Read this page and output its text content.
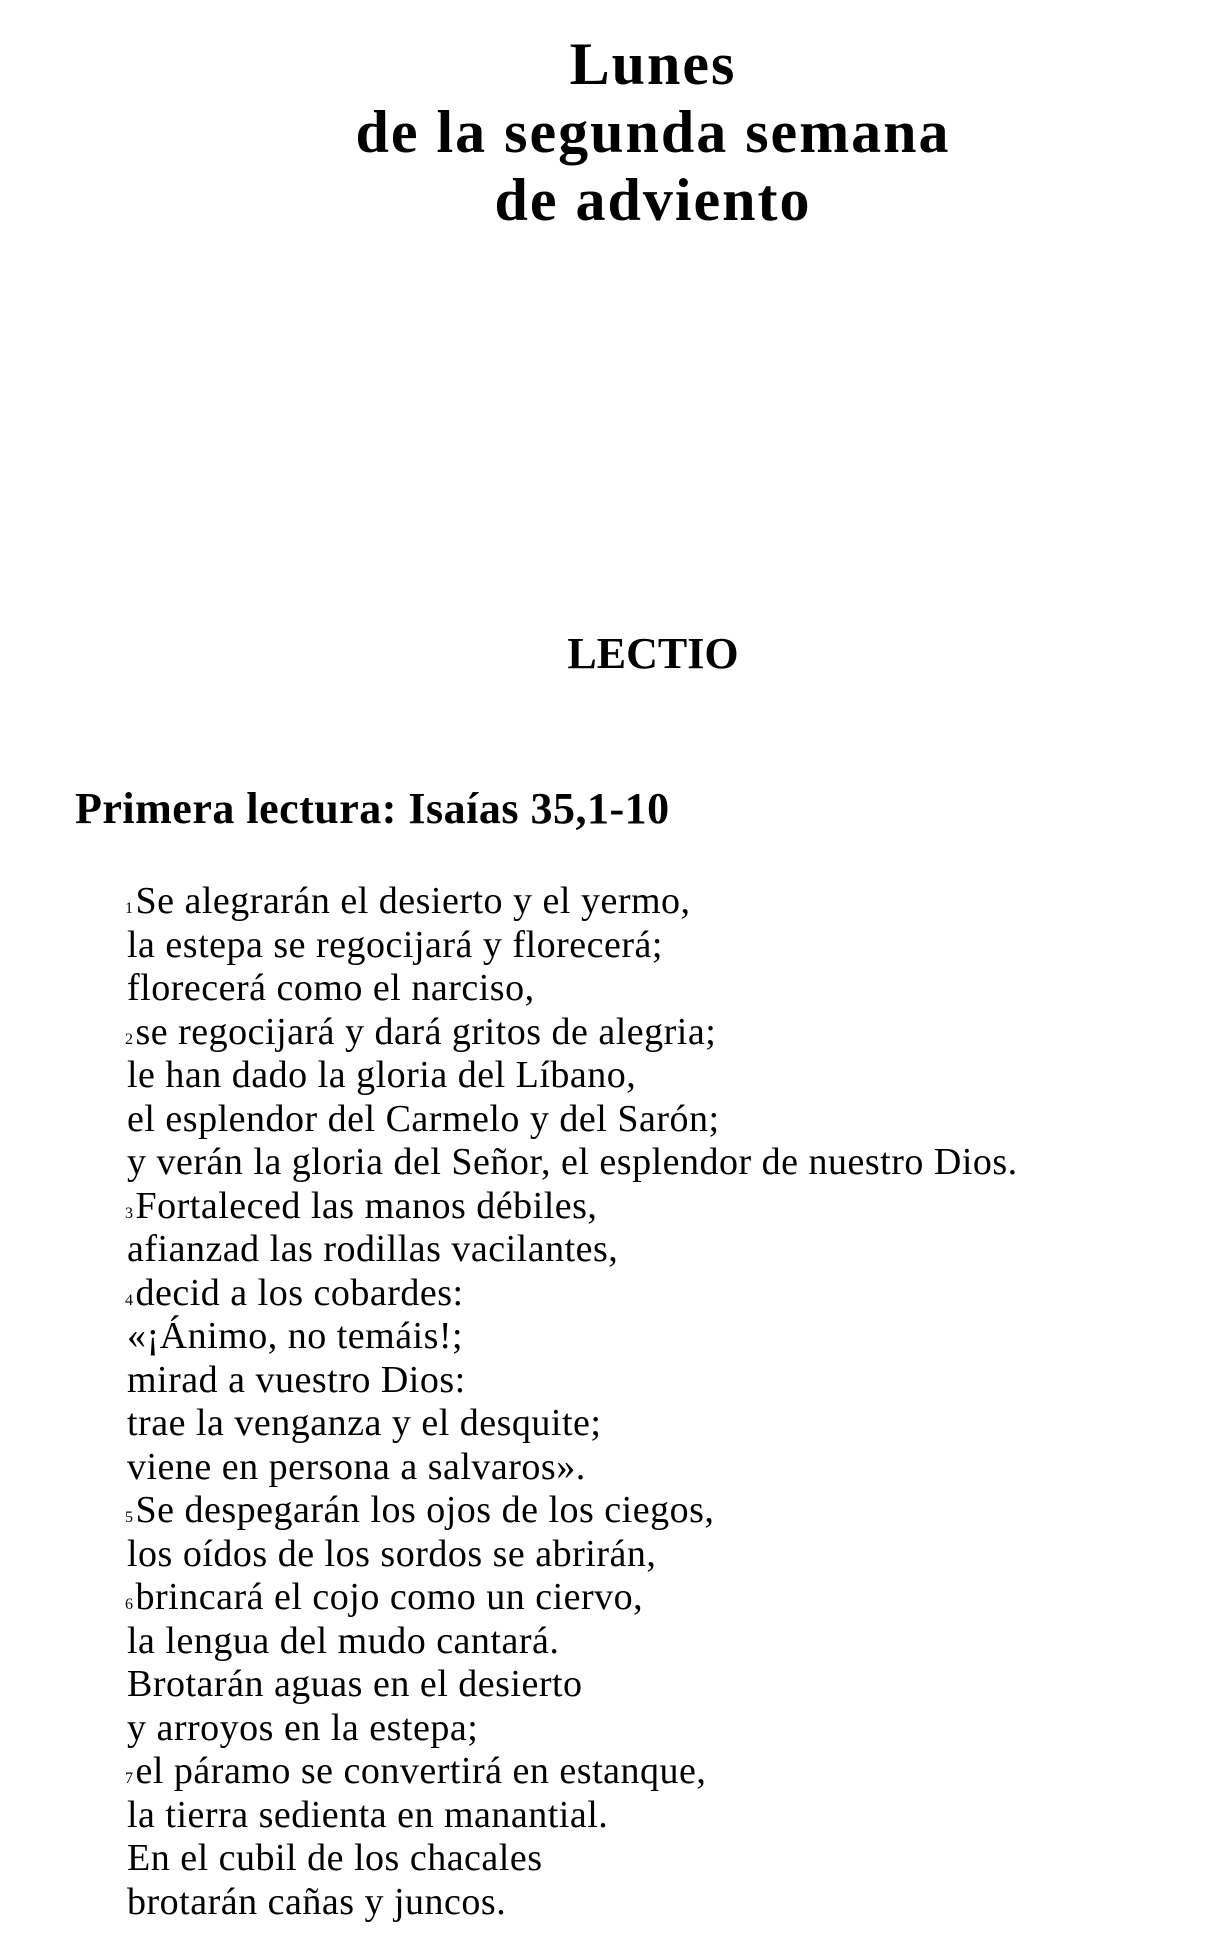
Lunes
de la segunda semana
de adviento
LECTIO
Primera lectura: Isaías 35,1-10
1Se alegrarán el desierto y el yermo,
la estepa se regocijará y florecerá;
florecerá como el narciso,
2se regocijará y dará gritos de alegria;
le han dado la gloria del Líbano,
el esplendor del Carmelo y del Sarón;
y verán la gloria del Señor, el esplendor de nuestro Dios.
3Fortaleced las manos débiles,
afianzad las rodillas vacilantes,
4decid a los cobardes:
«¡Ánimo, no temáis!;
mirad a vuestro Dios:
trae la venganza y el desquite;
viene en persona a salvaros».
5Se despegarán los ojos de los ciegos,
los oídos de los sordos se abrirán,
6brincará el cojo como un ciervo,
la lengua del mudo cantará.
Brotarán aguas en el desierto
y arroyos en la estepa;
7el páramo se convertirá en estanque,
la tierra sedienta en manantial.
En el cubil de los chacales
brotarán cañas y juncos.
